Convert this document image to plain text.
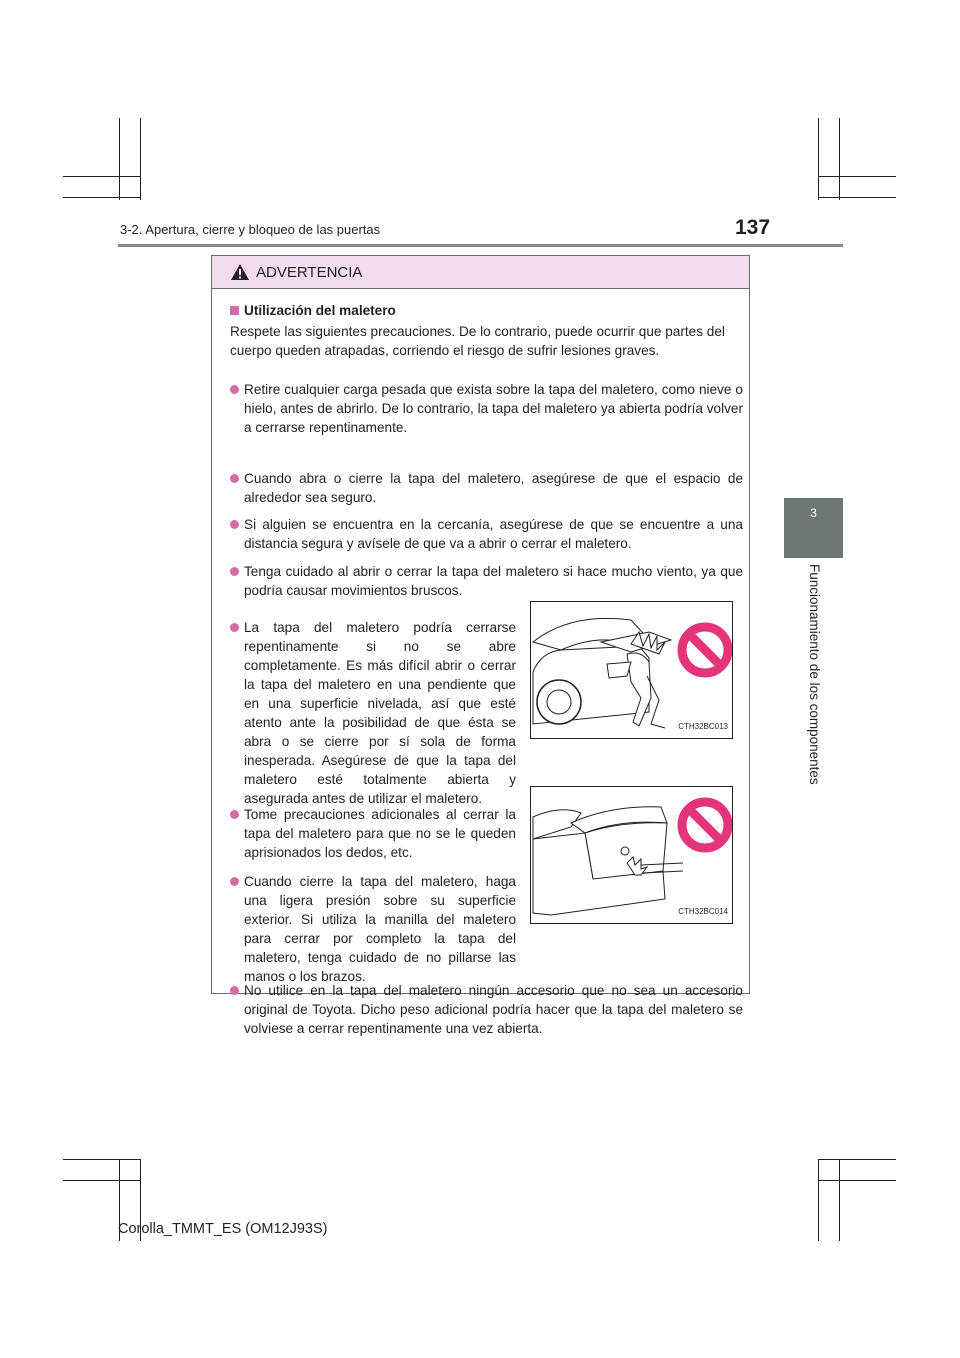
3-2. Apertura, cierre y bloqueo de las puertas	137
3
Funcionamiento de los componentes
ADVERTENCIA
Utilización del maletero

Respete las siguientes precauciones. De lo contrario, puede ocurrir que partes del cuerpo queden atrapadas, corriendo el riesgo de sufrir lesiones graves.

Retire cualquier carga pesada que exista sobre la tapa del maletero, como nieve o hielo, antes de abrirlo. De lo contrario, la tapa del maletero ya abierta podría volver a cerrarse repentinamente.

Cuando abra o cierre la tapa del maletero, asegúrese de que el espacio de alrededor sea seguro.

Si alguien se encuentra en la cercanía, asegúrese de que se encuentre a una distancia segura y avísele de que va a abrir o cerrar el maletero.

Tenga cuidado al abrir o cerrar la tapa del maletero si hace mucho viento, ya que podría causar movimientos bruscos.

La tapa del maletero podría cerrarse repentinamente si no se abre completamente. Es más difícil abrir o cerrar la tapa del maletero en una pendiente que en una superficie nivelada, así que esté atento ante la posibilidad de que ésta se abra o se cierre por sí sola de forma inesperada. Asegúrese de que la tapa del maletero esté totalmente abierta y asegurada antes de utilizar el maletero.

Tome precauciones adicionales al cerrar la tapa del maletero para que no se le queden aprisionados los dedos, etc.

Cuando cierre la tapa del maletero, haga una ligera presión sobre su superficie exterior. Si utiliza la manilla del maletero para cerrar por completo la tapa del maletero, tenga cuidado de no pillarse las manos o los brazos.

No utilice en la tapa del maletero ningún accesorio que no sea un accesorio original de Toyota. Dicho peso adicional podría hacer que la tapa del maletero se volviese a cerrar repentinamente una vez abierta.

CTH32BC013
CTH32BC014
Corolla_TMMT_ES (OM12J93S)
